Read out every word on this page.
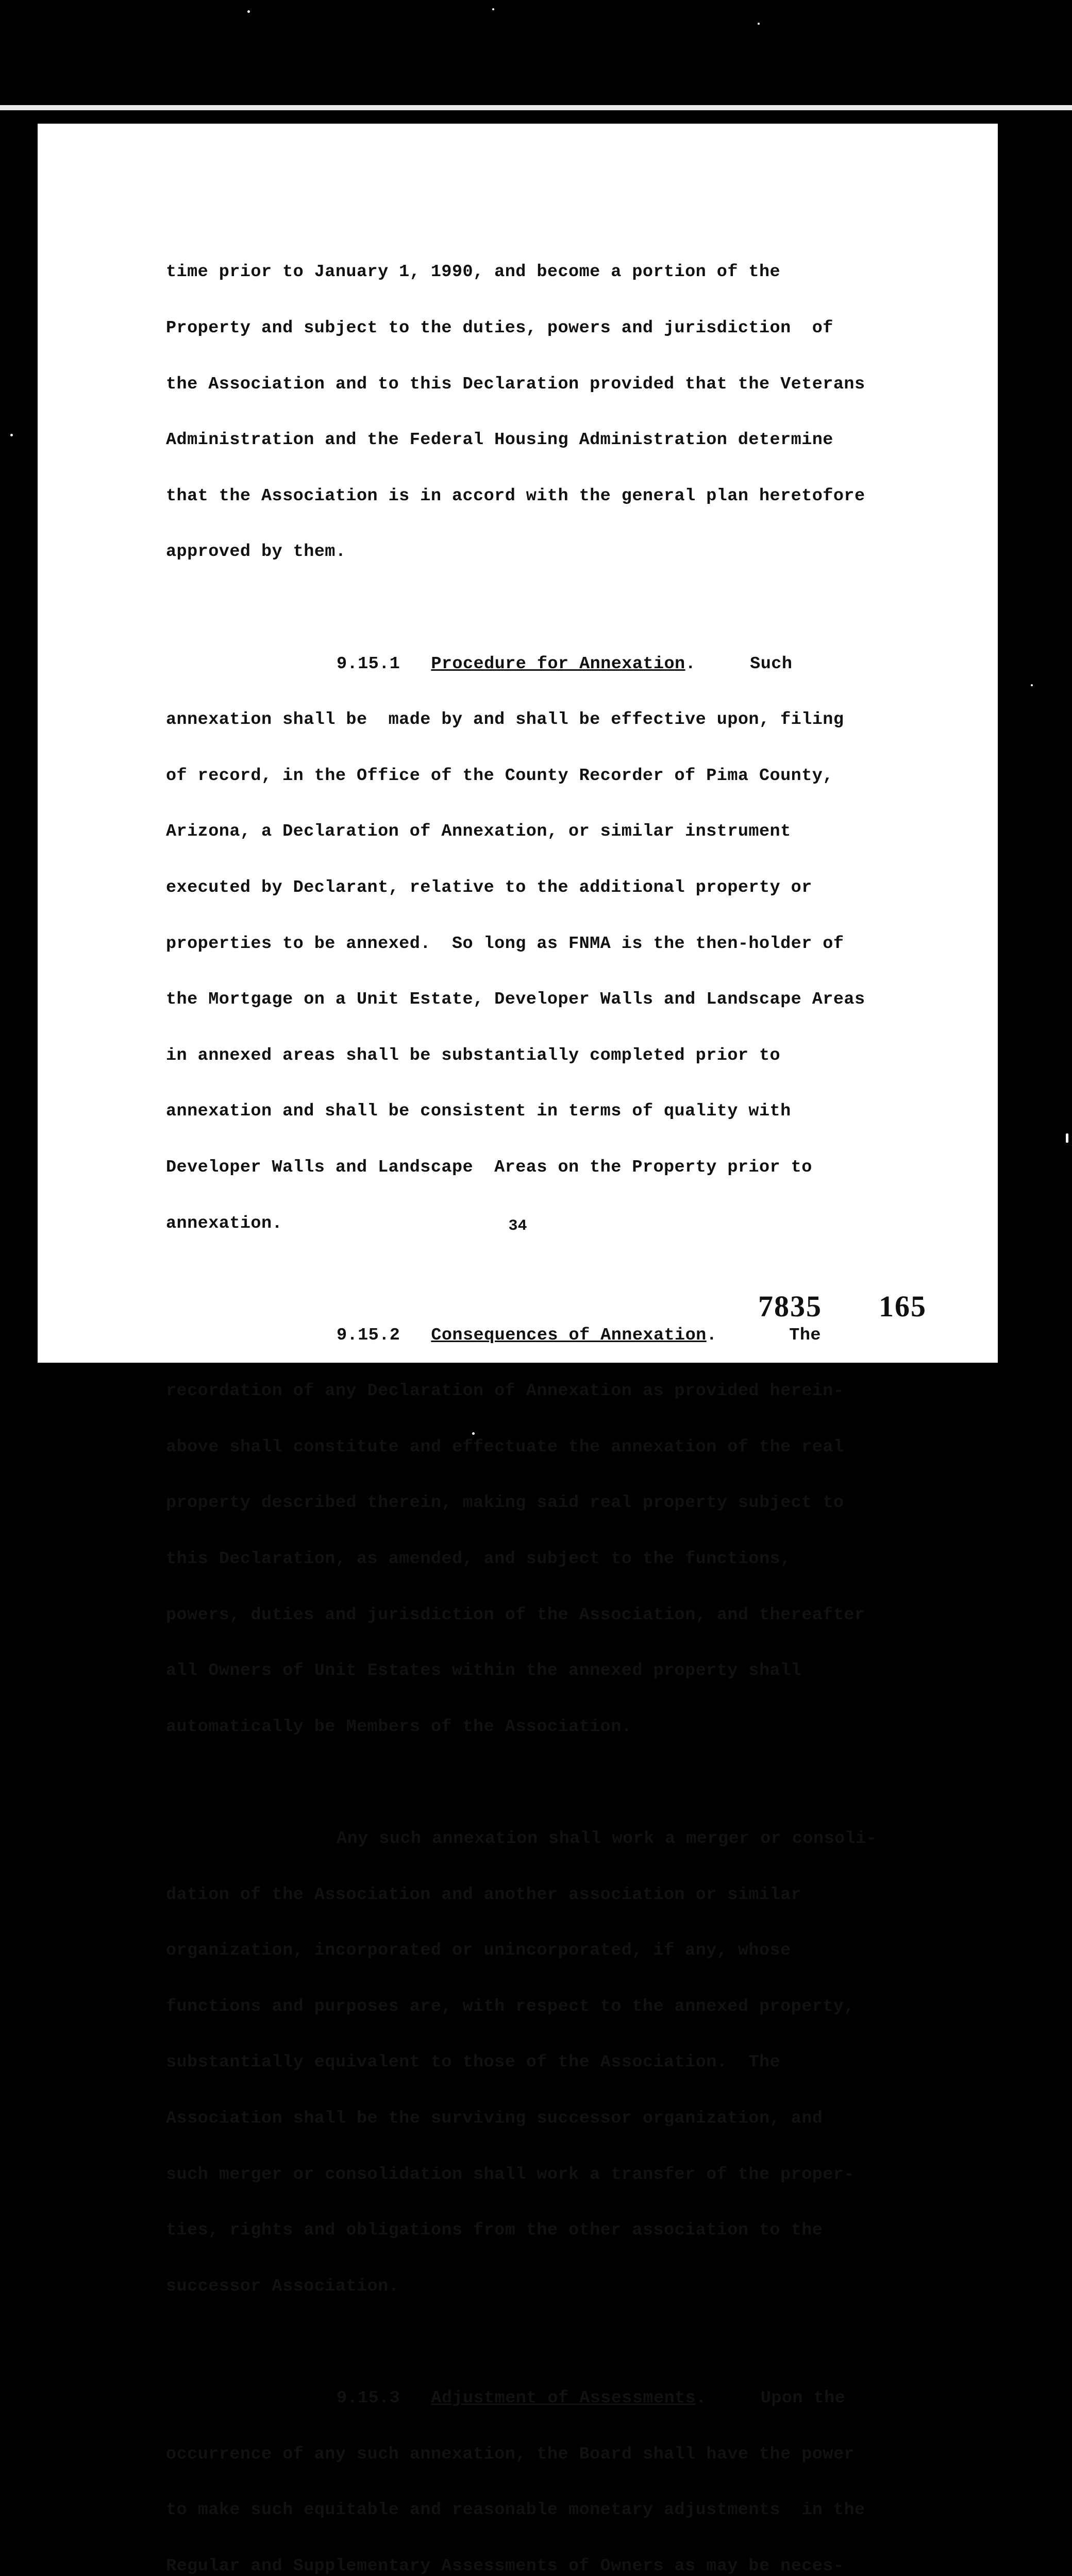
time prior to January 1, 1990, and become a portion of the

Property and subject to the duties, powers and jurisdiction  of

the Association and to this Declaration provided that the Veterans

Administration and the Federal Housing Administration determine

that the Association is in accord with the general plan heretofore

approved by them.

9.15.1 Procedure for Annexation.	Such

annexation shall be  made by and shall be effective upon, filing

of record, in the Office of the County Recorder of Pima County,

Arizona, a Declaration of Annexation, or similar instrument

executed by Declarant, relative to the additional property or

properties to be annexed.  So long as FNMA is the then-holder of

the Mortgage on a Unit Estate, Developer Walls and Landscape Areas

in annexed areas shall be substantially completed prior to

annexation and shall be consistent in terms of quality with

Developer Walls and Landscape  Areas on the Property prior to

annexation.

9.15.2 Consequences of Annexation.	The

recordation of any Declaration of Annexation as provided herein-

above shall constitute and effectuate the annexation of the real

property described therein, making said real property subject to

this Declaration, as amended, and subject to the functions,

powers, duties and jurisdiction of the Association, and thereafter

all Owners of Unit Estates within the annexed property shall

automatically be Members of the Association.

Any such annexation shall work a merger or consoli-

dation of the Association and another association or similar

organization, incorporated or unincorporated, if any, whose

functions and purposes are, with respect to the annexed property,

substantially equivalent to those of the Association.  The

Association shall be the surviving successor organization, and

such merger or consolidation shall work a transfer of the proper-

ties, rights and obligations from the other association to the

successor Association.

9.15.3 Adjustment of Assessments.	Upon the

occurrence of any such annexation, the Board shall have the power

to make such equitable and reasonable monetary adjustments  in the

Regular and Supplementary Assessments of Owners as may be neces-

34
7835 165
